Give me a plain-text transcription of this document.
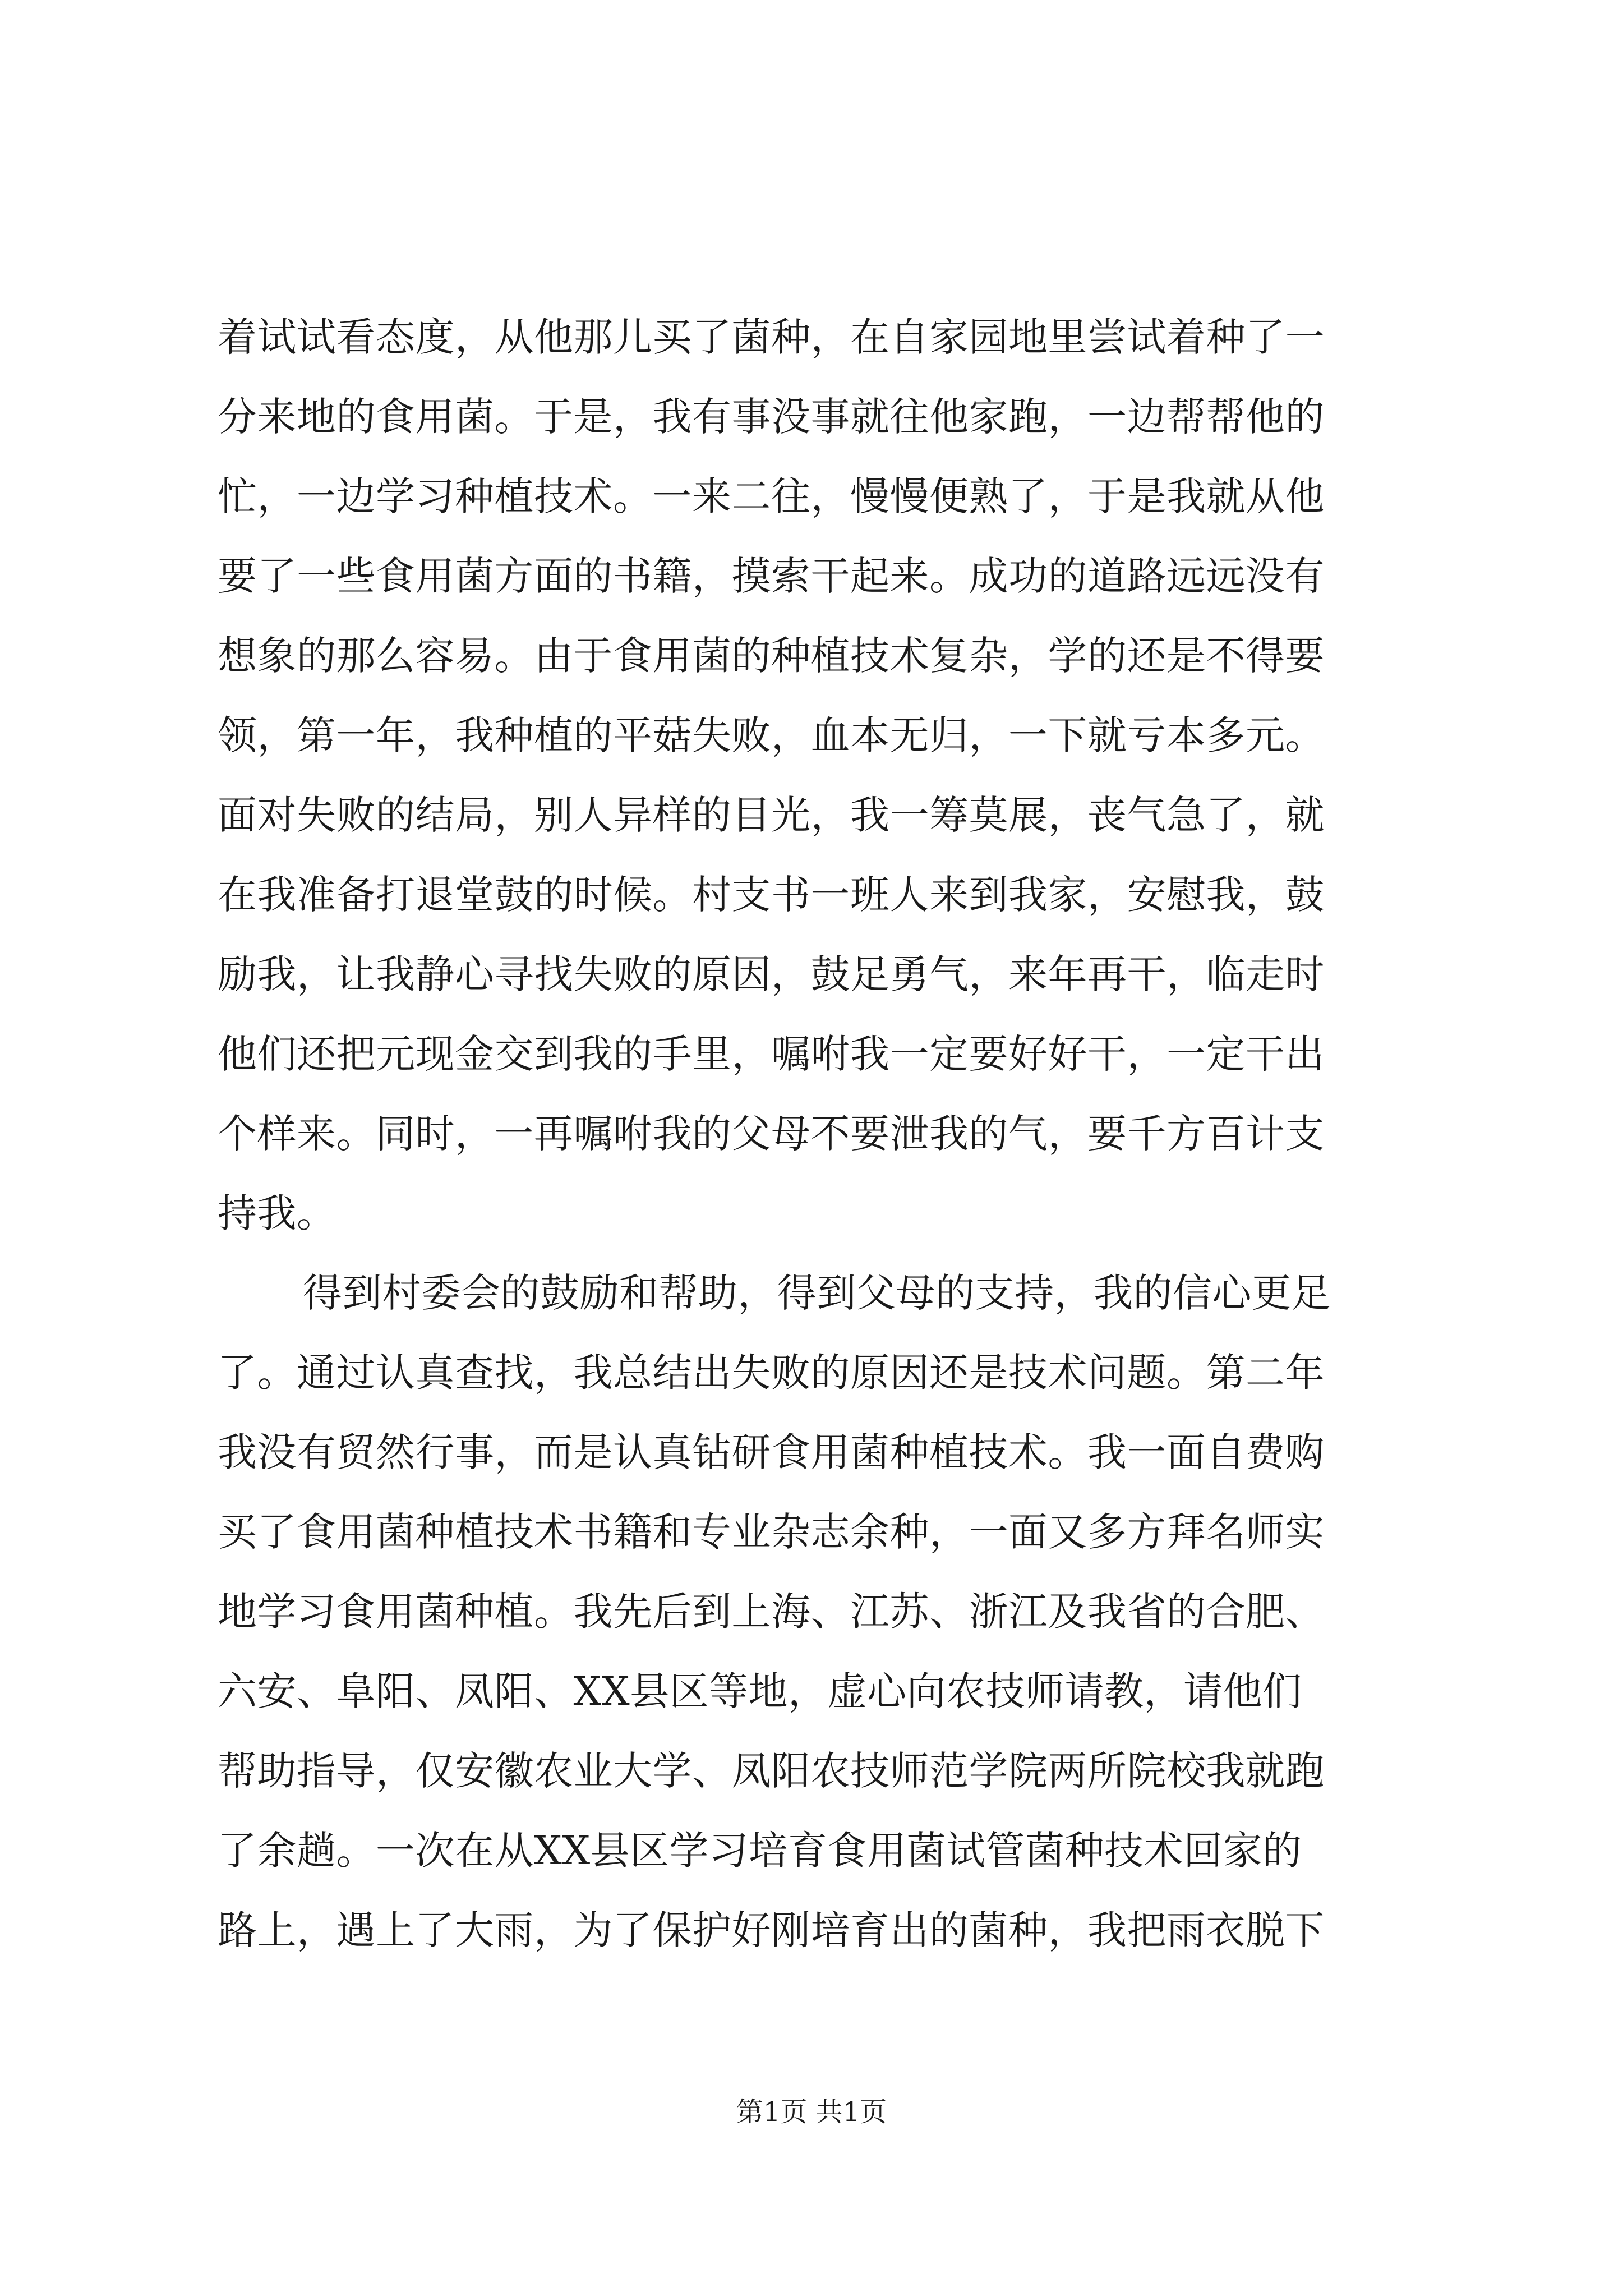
着试试看态度，从他那儿买了菌种，在自家园地里尝试着种了一
分来地的食用菌。于是，我有事没事就往他家跑，一边帮帮他的
忙，一边学习种植技术。一来二往，慢慢便熟了，于是我就从他
要了一些食用菌方面的书籍，摸索干起来。成功的道路远远没有
想象的那么容易。由于食用菌的种植技术复杂，学的还是不得要
领，第一年，我种植的平菇失败，血本无归，一下就亏本多元。
面对失败的结局，别人异样的目光，我一筹莫展，丧气急了，就
在我准备打退堂鼓的时候。村支书一班人来到我家，安慰我，鼓
励我，让我静心寻找失败的原因，鼓足勇气，来年再干，临走时
他们还把元现金交到我的手里，嘱咐我一定要好好干，一定干出
个样来。同时，一再嘱咐我的父母不要泄我的气，要千方百计支
持我。
得到村委会的鼓励和帮助，得到父母的支持，我的信心更足
了。通过认真查找，我总结出失败的原因还是技术问题。第二年
我没有贸然行事，而是认真钻研食用菌种植技术。我一面自费购
买了食用菌种植技术书籍和专业杂志余种，一面又多方拜名师实
地学习食用菌种植。我先后到上海、江苏、浙江及我省的合肥、
六安、阜阳、凤阳、XX县区等地，虚心向农技师请教，请他们
帮助指导，仅安徽农业大学、凤阳农技师范学院两所院校我就跑
了余趟。一次在从XX县区学习培育食用菌试管菌种技术回家的
路上，遇上了大雨，为了保护好刚培育出的菌种，我把雨衣脱下
第1页 共1页
